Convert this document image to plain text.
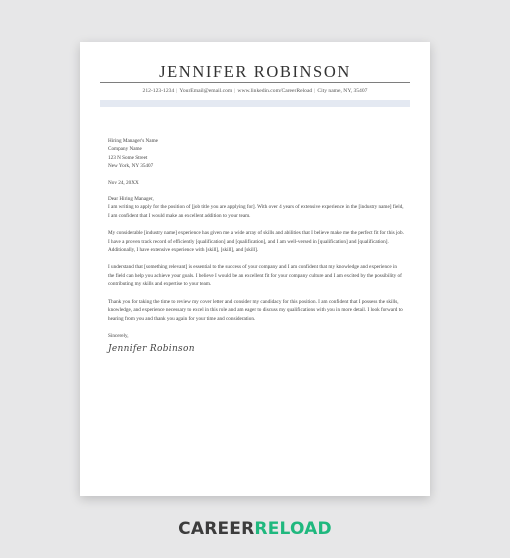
JENNIFER ROBINSON
212-123-1234 | YourEmail@email.com | www.linkedin.com/CareerReload | City name, NY, 35407

Hiring Manager's Name

Company Name

123 N Some Street

New York, NY 35407

Nov 24, 20XX

Dear Hiring Manager,

I am writing to apply for the position of [job title you are applying for]. With over 4 years of extensive experience in the [industry name] field, I am confident that I would make an excellent addition to your team.

My considerable [industry name] experience has given me a wide array of skills and abilities that I believe make me the perfect fit for this job. I have a proven track record of efficiently [qualification] and [qualification], and I am well-versed in [qualification] and [qualification]. Additionally, I have extensive experience with [skill], [skill], and [skill].

I understand that [something relevant] is essential to the success of your company and I am confident that my knowledge and experience in the field can help you achieve your goals. I believe I would be an excellent fit for your company culture and I am excited by the possibility of contributing my skills and expertise to your team.

Thank you for taking the time to review my cover letter and consider my candidacy for this position. I am confident that I possess the skills, knowledge, and experience necessary to excel in this role and am eager to discuss my qualifications with you in more detail. I look forward to hearing from you and thank you again for your time and consideration.

Sincerely,

Jennifer Robinson
CAREERRELOAD
